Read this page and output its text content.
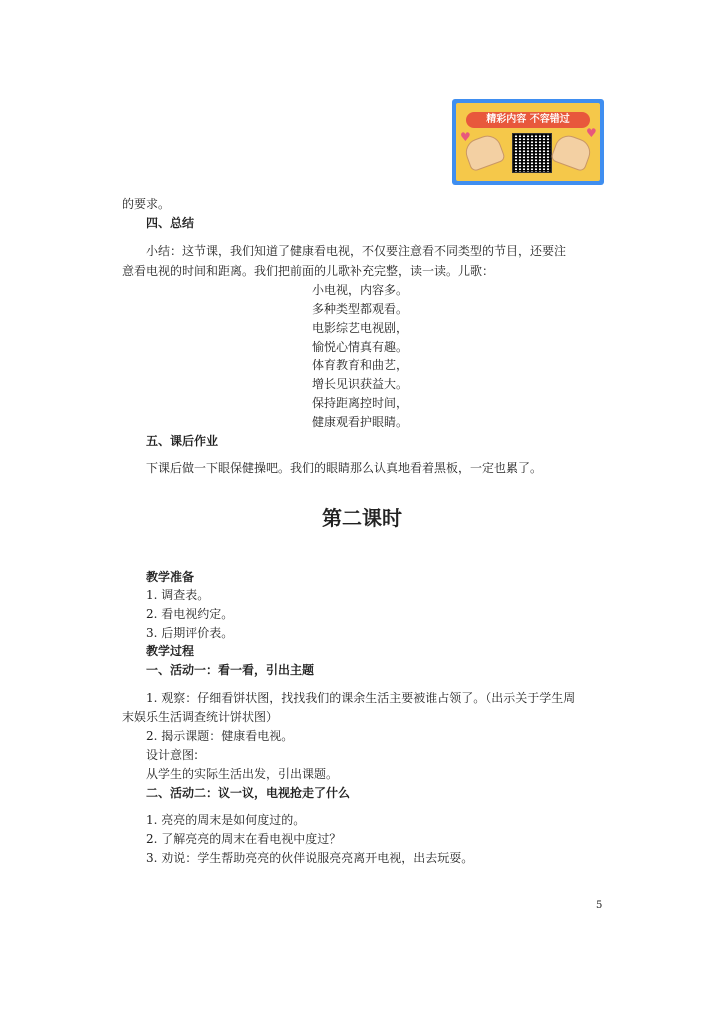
精彩内容 不容错过
♥	♥
的要求。
四、总结
小结：这节课，我们知道了健康看电视，不仅要注意看不同类型的节目，还要注
意看电视的时间和距离。我们把前面的儿歌补充完整，读一读。儿歌：
小电视，内容多。
多种类型都观看。
电影综艺电视剧，
愉悦心情真有趣。
体育教育和曲艺，
增长见识获益大。
保持距离控时间，
健康观看护眼睛。
五、课后作业
下课后做一下眼保健操吧。我们的眼睛那么认真地看着黑板，一定也累了。
第二课时
教学准备
1. 调查表。
2. 看电视约定。
3. 后期评价表。
教学过程
一、活动一：看一看，引出主题
1. 观察：仔细看饼状图，找找我们的课余生活主要被谁占领了。（出示关于学生周
末娱乐生活调查统计饼状图）
2. 揭示课题：健康看电视。
设计意图:
从学生的实际生活出发，引出课题。
二、活动二：议一议，电视抢走了什么
1. 亮亮的周末是如何度过的。
2. 了解亮亮的周末在看电视中度过？
3. 劝说：学生帮助亮亮的伙伴说服亮亮离开电视，出去玩耍。
5
